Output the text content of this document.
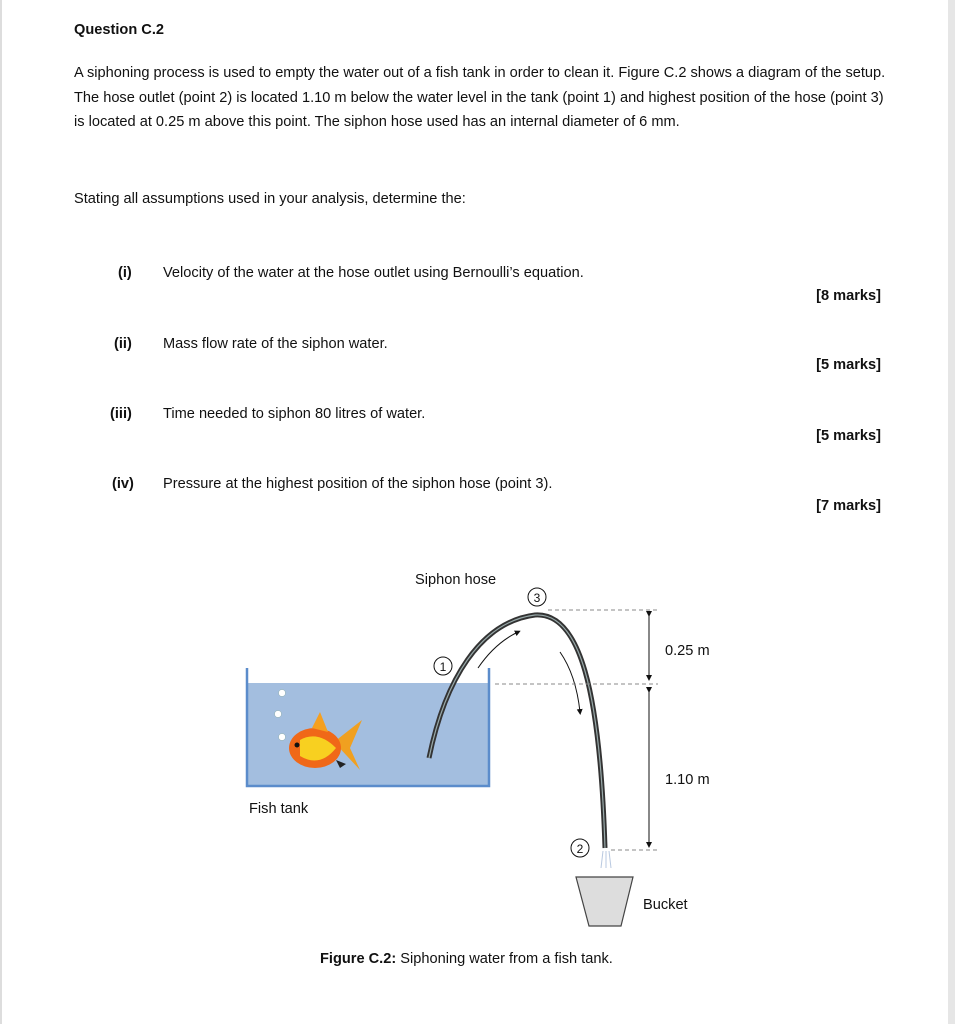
Question C.2
A siphoning process is used to empty the water out of a fish tank in order to clean it. Figure C.2 shows a diagram of the setup. The hose outlet (point 2) is located 1.10 m below the water level in the tank (point 1) and highest position of the hose (point 3) is located at 0.25 m above this point. The siphon hose used has an internal diameter of 6 mm.
Stating all assumptions used in your analysis, determine the:
(i) Velocity of the water at the hose outlet using Bernoulli’s equation.
[8 marks]
(ii) Mass flow rate of the siphon water.
[5 marks]
(iii) Time needed to siphon 80 litres of water.
[5 marks]
(iv) Pressure at the highest position of the siphon hose (point 3).
[7 marks]
1
3
2
Siphon hose
Fish tank
Bucket
0.25 m
1.10 m
Figure C.2: Siphoning water from a fish tank.
